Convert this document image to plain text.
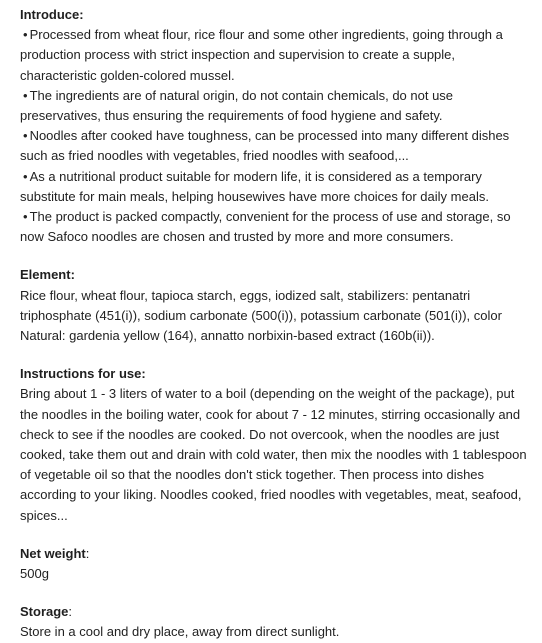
Introduce:
• Processed from wheat flour, rice flour and some other ingredients, going through a production process with strict inspection and supervision to create a supple, characteristic golden-colored mussel.
• The ingredients are of natural origin, do not contain chemicals, do not use preservatives, thus ensuring the requirements of food hygiene and safety.
• Noodles after cooked have toughness, can be processed into many different dishes such as fried noodles with vegetables, fried noodles with seafood,...
• As a nutritional product suitable for modern life, it is considered as a temporary substitute for main meals, helping housewives have more choices for daily meals.
• The product is packed compactly, convenient for the process of use and storage, so now Safoco noodles are chosen and trusted by more and more consumers.
Element:

Rice flour, wheat flour, tapioca starch, eggs, iodized salt, stabilizers: pentanatri triphosphate (451(i)), sodium carbonate (500(i)), potassium carbonate (501(i)), color Natural: gardenia yellow (164), annatto norbixin-based extract (160b(ii)).

Instructions for use:

Bring about 1 - 3 liters of water to a boil (depending on the weight of the package), put the noodles in the boiling water, cook for about 7 - 12 minutes, stirring occasionally and check to see if the noodles are cooked. Do not overcook, when the noodles are just cooked, take them out and drain with cold water, then mix the noodles with 1 tablespoon of vegetable oil so that the noodles don't stick together. Then process into dishes according to your liking. Noodles cooked, fried noodles with vegetables, meat, seafood, spices...

Net weight:

500g

Storage:

Store in a cool and dry place, away from direct sunlight.
